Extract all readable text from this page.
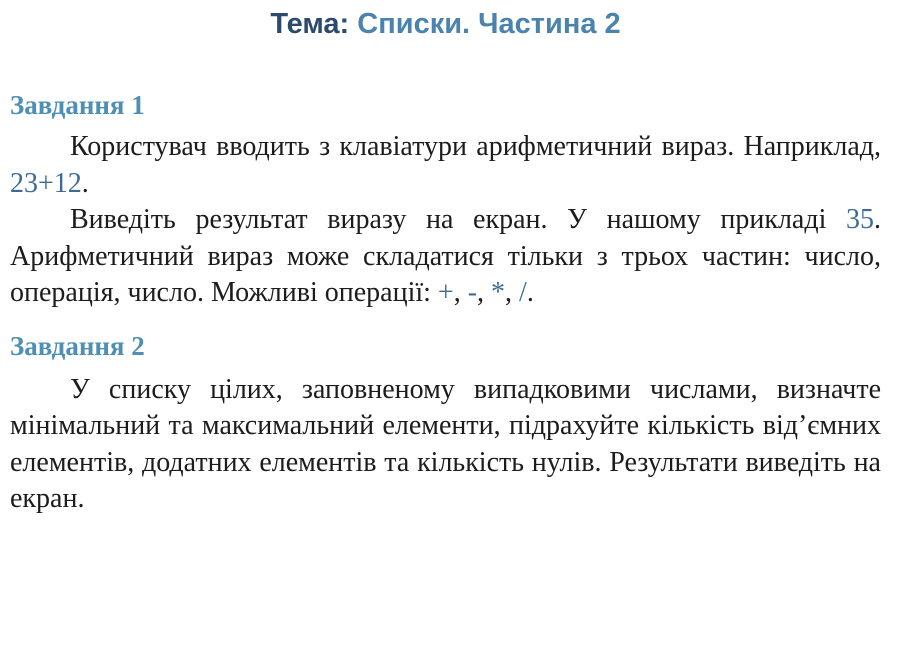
Тема: Списки. Частина 2
Завдання 1

Користувач вводить з клавіатури арифметичний вираз. Наприклад, 23+12.

Виведіть результат виразу на екран. У нашому прикладі 35. Арифметичний вираз може складатися тільки з трьох частин: число, операція, число. Можливі операції: +, -, *, /.

Завдання 2

У списку цілих, заповненому випадковими числами, визначте мінімальний та максимальний елементи, підрахуйте кількість від’ємних елементів, додатних елементів та кількість нулів. Результати виведіть на екран.
